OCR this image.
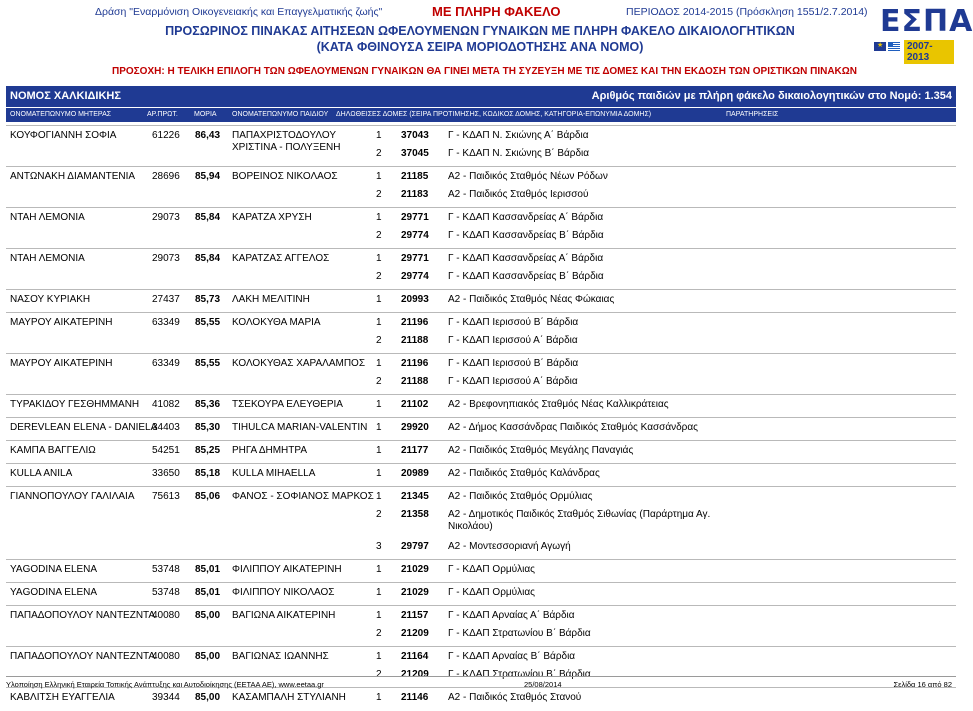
Δράση "Εναρμόνιση Οικογενειακής και Επαγγελματικής ζωής"	ΜΕ ΠΛΗΡΗ ΦΑΚΕΛΟ	ΠΕΡΙΟΔΟΣ 2014-2015 (Πρόσκληση 1551/2.7.2014)
ΠΡΟΣΩΡΙΝΟΣ ΠΙΝΑΚΑΣ ΑΙΤΗΣΕΩΝ ΩΦΕΛΟΥΜΕΝΩΝ ΓΥΝΑΙΚΩΝ ΜΕ ΠΛΗΡΗ ΦΑΚΕΛΟ ΔΙΚΑΙΟΛΟΓΗΤΙΚΩΝ
(ΚΑΤΑ ΦΘΙΝΟΥΣΑ ΣΕΙΡΑ ΜΟΡΙΟΔΟΤΗΣΗΣ ΑΝΑ ΝΟΜΟ)
ΠΡΟΣΟΧΗ: Η ΤΕΛΙΚΗ ΕΠΙΛΟΓΗ ΤΩΝ ΩΦΕΛΟΥΜΕΝΩΝ ΓΥΝΑΙΚΩΝ ΘΑ ΓΙΝΕΙ ΜΕΤΑ ΤΗ ΣΥΖΕΥΞΗ ΜΕ ΤΙΣ ΔΟΜΕΣ ΚΑΙ ΤΗΝ ΕΚΔΟΣΗ ΤΩΝ ΟΡΙΣΤΙΚΩΝ ΠΙΝΑΚΩΝ
ΕΣΠΑ
★	2007-2013
ΝΟΜΟΣ ΧΑΛΚΙΔΙΚΗΣ	Αριθμός παιδιών με πλήρη φάκελο δικαιολογητικών στο Νομό: 1.354
ΟΝΟΜΑΤΕΠΩΝΥΜΟ ΜΗΤΕΡΑΣ	ΑΡ.ΠΡΩΤ. ΜΟΡΙΑ ΟΝΟΜΑΤΕΠΩΝΥΜΟ ΠΑΙΔΙΟΥ ΔΗΛΩΘΕΙΣΕΣ ΔΟΜΕΣ (ΣΕΙΡΑ ΠΡΟΤΙΜΗΣΗΣ, ΚΩΔΙΚΟΣ ΔΟΜΗΣ, ΚΑΤΗΓΟΡΙΑ-ΕΠΩΝΥΜΙΑ ΔΟΜΗΣ)	ΠΑΡΑΤΗΡΗΣΕΙΣ
ΚΟΥΦΟΓΙΑΝΝΗ ΣΟΦΙΑ	61226 86,43 ΠΑΠΑΧΡΙΣΤΟΔΟΥΛΟΥ
ΧΡΙΣΤΙΝΑ - ΠΟΛΥΞΕΝΗ
1 37043 Γ - ΚΔΑΠ Ν. Σκιώνης Α΄ Βάρδια
2 37045 Γ - ΚΔΑΠ Ν. Σκιώνης Β΄ Βάρδια
ΑΝΤΩΝΑΚΗ ΔΙΑΜΑΝΤΕΝΙΑ 28696 85,94 ΒΟΡΕΙΝΟΣ ΝΙΚΟΛΑΟΣ	1 21185 Α2 - Παιδικός Σταθμός Νέων Ρόδων
2 21183 Α2 - Παιδικός Σταθμός Ιερισσού
ΝΤΑΗ ΛΕΜΟΝΙΑ	29073 85,84 ΚΑΡΑΤΖΑ ΧΡΥΣΗ	1 29771 Γ - ΚΔΑΠ Κασσανδρείας Α΄ Βάρδια
2 29774 Γ - ΚΔΑΠ Κασσανδρείας Β΄ Βάρδια
ΝΤΑΗ ΛΕΜΟΝΙΑ	29073 85,84 ΚΑΡΑΤΖΑΣ ΑΓΓΕΛΟΣ	1 29771 Γ - ΚΔΑΠ Κασσανδρείας Α΄ Βάρδια
2 29774 Γ - ΚΔΑΠ Κασσανδρείας Β΄ Βάρδια
ΝΑΣΟΥ ΚΥΡΙΑΚΗ	27437 85,73 ΛΑΚΗ ΜΕΛΙΤΙΝΗ	1 20993 Α2 - Παιδικός Σταθμός Νέας Φώκαιας
ΜΑΥΡΟΥ ΑΙΚΑΤΕΡΙΝΗ	63349 85,55 ΚΟΛΟΚΥΘΑ ΜΑΡΙΑ	1 21196 Γ - ΚΔΑΠ Ιερισσού Β΄ Βάρδια
2 21188 Γ - ΚΔΑΠ Ιερισσού Α΄ Βάρδια
ΜΑΥΡΟΥ ΑΙΚΑΤΕΡΙΝΗ	63349 85,55 ΚΟΛΟΚΥΘΑΣ ΧΑΡΑΛΑΜΠΟΣ 1 21196 Γ - ΚΔΑΠ Ιερισσού Β΄ Βάρδια
2 21188 Γ - ΚΔΑΠ Ιερισσού Α΄ Βάρδια
ΤΥΡΑΚΙΔΟΥ ΓΕΣΘΗΜΜΑΝΗ 41082 85,36 ΤΣΕΚΟΥΡΑ ΕΛΕΥΘΕΡΙΑ	1 21102 Α2 - Βρεφονηπιακός Σταθμός Νέας Καλλικράτειας
DEREVLEAN ELENA - DANIELA
34403 85,30 TIHULCA MARIAN-VALENTIN 1 29920 Α2 - Δήμος Κασσάνδρας Παιδικός Σταθμός Κασσάνδρας
ΚΑΜΠΑ ΒΑΓΓΕΛΙΩ	54251 85,25 ΡΗΓΑ ΔΗΜΗΤΡΑ	1 21177 Α2 - Παιδικός Σταθμός Μεγάλης Παναγιάς
KULLA ANILA	33650 85,18 KULLA MIHAELLA	1 20989 Α2 - Παιδικός Σταθμός Καλάνδρας
ΓΙΑΝΝΟΠΟΥΛΟΥ ΓΑΛΙΛΑΙΑ 75613 85,06 ΦΑΝΟΣ - ΣΟΦΙΑΝΟΣ ΜΑΡΚΟΣ 1 21345 Α2 - Παιδικός Σταθμός Ορμύλιας
2 21358 Α2 - Δημοτικός Παιδικός Σταθμός Σιθωνίας (Παράρτημα Αγ.
Νικολάου)
3 29797 Α2 - Μοντεσσοριανή Αγωγή
YAGODINA ELENA	53748 85,01 ΦΙΛΙΠΠΟΥ ΑΙΚΑΤΕΡΙΝΗ	1 21029 Γ - ΚΔΑΠ Ορμύλιας
YAGODINA ELENA	53748 85,01 ΦΙΛΙΠΠΟΥ ΝΙΚΟΛΑΟΣ	1 21029 Γ - ΚΔΑΠ Ορμύλιας
ΠΑΠΑΔΟΠΟΥΛΟΥ ΝΑΝΤΕΖΝΤΑ
40080 85,00 ΒΑΓΙΩΝΑ ΑΙΚΑΤΕΡΙΝΗ	1 21157 Γ - ΚΔΑΠ Αρναίας Α΄ Βάρδια
2 21209 Γ - ΚΔΑΠ Στρατωνίου Β΄ Βάρδια
ΠΑΠΑΔΟΠΟΥΛΟΥ ΝΑΝΤΕΖΝΤΑ
40080 85,00 ΒΑΓΙΩΝΑΣ ΙΩΑΝΝΗΣ	1 21164 Γ - ΚΔΑΠ Αρναίας Β΄ Βάρδια
2 21209 Γ - ΚΔΑΠ Στρατωνίου Β΄ Βάρδια
ΚΑΒΛΙΤΣΗ ΕΥΑΓΓΕΛΙΑ	39344 85,00 ΚΑΣΑΜΠΑΛΗ ΣΤΥΛΙΑΝΗ	1 21146 Α2 - Παιδικός Σταθμός Στανού
Υλοποίηση Ελληνική Εταιρεία Τοπικής Ανάπτυξης και Αυτοδιοίκησης (ΕΕΤΑΑ ΑΕ), www.eetaa.gr	25/08/2014	Σελίδα 16 από 82
